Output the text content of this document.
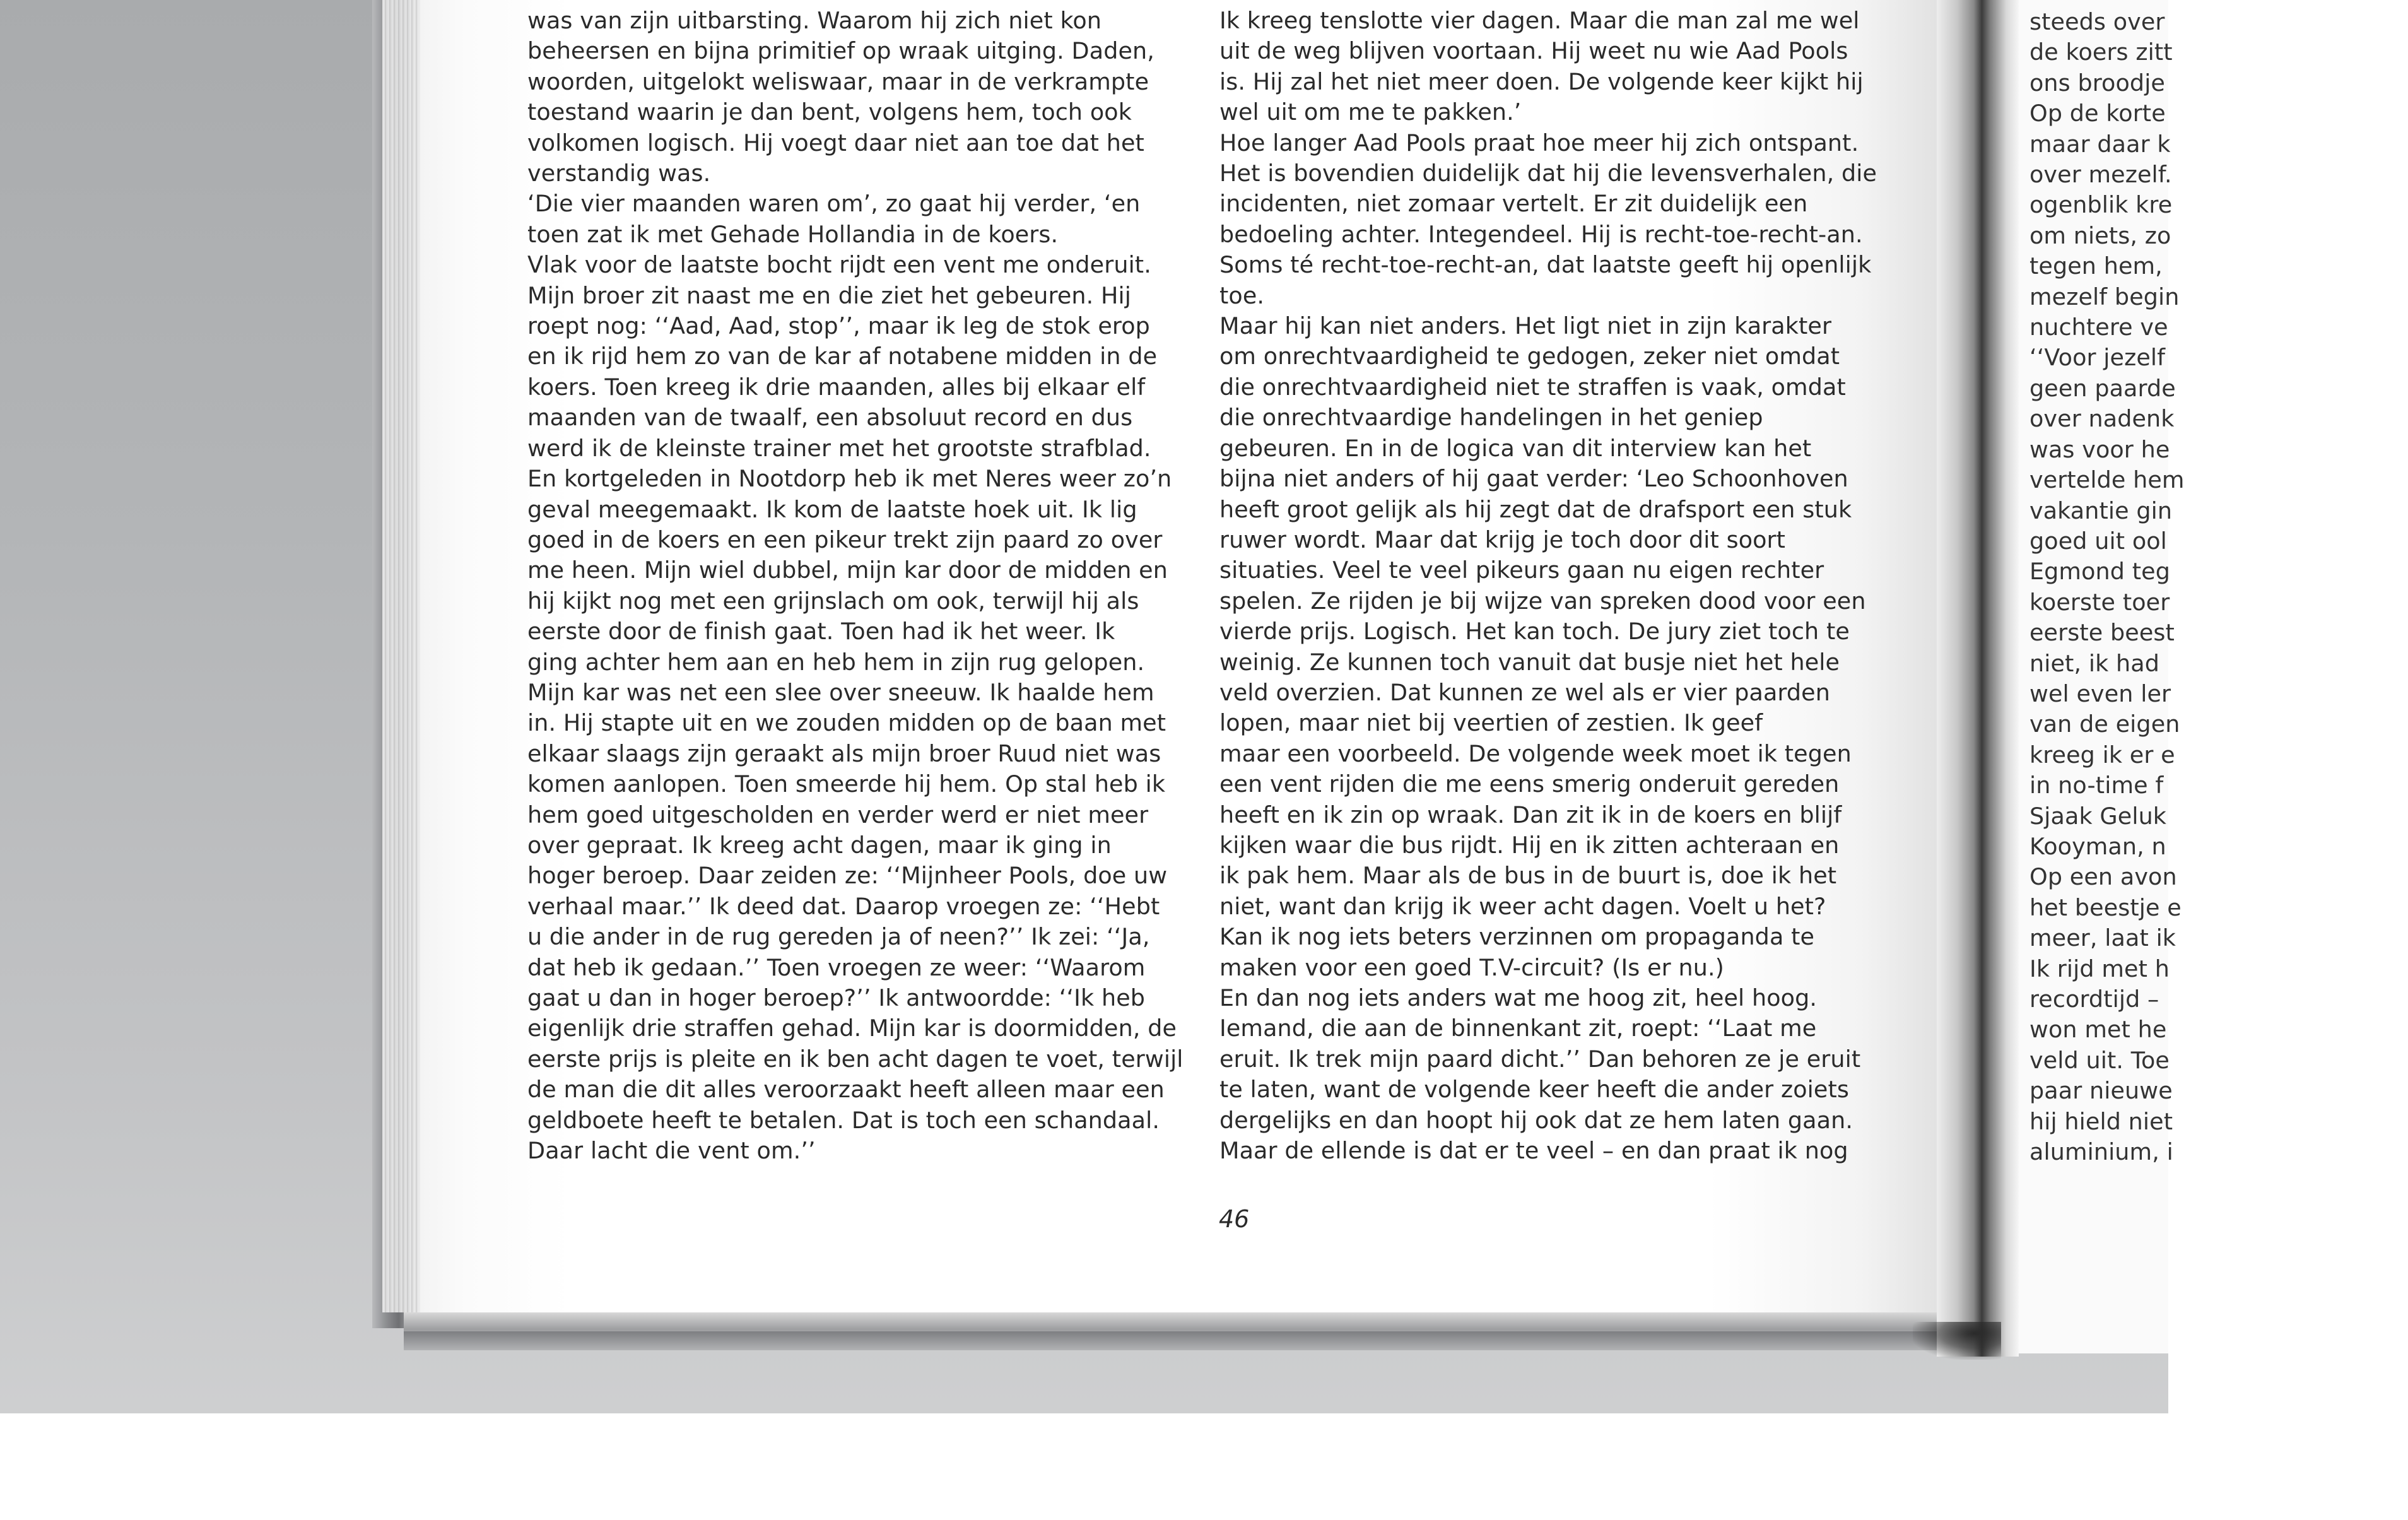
was van zijn uitbarsting. Waarom hij zich niet kon
beheersen en bijna primitief op wraak uitging. Daden,
woorden, uitgelokt weliswaar, maar in de verkrampte
toestand waarin je dan bent, volgens hem, toch ook
volkomen logisch. Hij voegt daar niet aan toe dat het
verstandig was.
‘Die vier maanden waren om’, zo gaat hij verder, ‘en
toen zat ik met Gehade Hollandia in de koers.
Vlak voor de laatste bocht rijdt een vent me onderuit.
Mijn broer zit naast me en die ziet het gebeuren. Hij
roept nog: ‘‘Aad, Aad, stop’’, maar ik leg de stok erop
en ik rijd hem zo van de kar af notabene midden in de
koers. Toen kreeg ik drie maanden, alles bij elkaar elf
maanden van de twaalf, een absoluut record en dus
werd ik de kleinste trainer met het grootste strafblad.
En kortgeleden in Nootdorp heb ik met Neres weer zo’n
geval meegemaakt. Ik kom de laatste hoek uit. Ik lig
goed in de koers en een pikeur trekt zijn paard zo over
me heen. Mijn wiel dubbel, mijn kar door de midden en
hij kijkt nog met een grijnslach om ook, terwijl hij als
eerste door de finish gaat. Toen had ik het weer. Ik
ging achter hem aan en heb hem in zijn rug gelopen.
Mijn kar was net een slee over sneeuw. Ik haalde hem
in. Hij stapte uit en we zouden midden op de baan met
elkaar slaags zijn geraakt als mijn broer Ruud niet was
komen aanlopen. Toen smeerde hij hem. Op stal heb ik
hem goed uitgescholden en verder werd er niet meer
over gepraat. Ik kreeg acht dagen, maar ik ging in
hoger beroep. Daar zeiden ze: ‘‘Mijnheer Pools, doe uw
verhaal maar.’’ Ik deed dat. Daarop vroegen ze: ‘‘Hebt
u die ander in de rug gereden ja of neen?’’ Ik zei: ‘‘Ja,
dat heb ik gedaan.’’ Toen vroegen ze weer: ‘‘Waarom
gaat u dan in hoger beroep?’’ Ik antwoordde: ‘‘Ik heb
eigenlijk drie straffen gehad. Mijn kar is doormidden, de
eerste prijs is pleite en ik ben acht dagen te voet, terwijl
de man die dit alles veroorzaakt heeft alleen maar een
geldboete heeft te betalen. Dat is toch een schandaal.
Daar lacht die vent om.’’
Ik kreeg tenslotte vier dagen. Maar die man zal me wel
uit de weg blijven voortaan. Hij weet nu wie Aad Pools
is. Hij zal het niet meer doen. De volgende keer kijkt hij
wel uit om me te pakken.’
Hoe langer Aad Pools praat hoe meer hij zich ontspant.
Het is bovendien duidelijk dat hij die levensverhalen, die
incidenten, niet zomaar vertelt. Er zit duidelijk een
bedoeling achter. Integendeel. Hij is recht-toe-recht-an.
Soms té recht-toe-recht-an, dat laatste geeft hij openlijk
toe.
Maar hij kan niet anders. Het ligt niet in zijn karakter
om onrechtvaardigheid te gedogen, zeker niet omdat
die onrechtvaardigheid niet te straffen is vaak, omdat
die onrechtvaardige handelingen in het geniep
gebeuren. En in de logica van dit interview kan het
bijna niet anders of hij gaat verder: ‘Leo Schoonhoven
heeft groot gelijk als hij zegt dat de drafsport een stuk
ruwer wordt. Maar dat krijg je toch door dit soort
situaties. Veel te veel pikeurs gaan nu eigen rechter
spelen. Ze rijden je bij wijze van spreken dood voor een
vierde prijs. Logisch. Het kan toch. De jury ziet toch te
weinig. Ze kunnen toch vanuit dat busje niet het hele
veld overzien. Dat kunnen ze wel als er vier paarden
lopen, maar niet bij veertien of zestien. Ik geef
maar een voorbeeld. De volgende week moet ik tegen
een vent rijden die me eens smerig onderuit gereden
heeft en ik zin op wraak. Dan zit ik in de koers en blijf
kijken waar die bus rijdt. Hij en ik zitten achteraan en
ik pak hem. Maar als de bus in de buurt is, doe ik het
niet, want dan krijg ik weer acht dagen. Voelt u het?
Kan ik nog iets beters verzinnen om propaganda te
maken voor een goed T.V-circuit? (Is er nu.)
En dan nog iets anders wat me hoog zit, heel hoog.
Iemand, die aan de binnenkant zit, roept: ‘‘Laat me
eruit. Ik trek mijn paard dicht.’’ Dan behoren ze je eruit
te laten, want de volgende keer heeft die ander zoiets
dergelijks en dan hoopt hij ook dat ze hem laten gaan.
Maar de ellende is dat er te veel – en dan praat ik nog
46
steeds over
de koers zitt
ons broodje
Op de korte
maar daar k
over mezelf.
ogenblik kre
om niets, zo
tegen hem,
mezelf begin
nuchtere ve
‘‘Voor jezelf
geen paarde
over nadenk
was voor he
vertelde hem
vakantie gin
goed uit ool
Egmond teg
koerste toer
eerste beest
niet, ik had
wel even ler
van de eigen
kreeg ik er e
in no-time f
Sjaak Geluk
Kooyman, n
Op een avon
het beestje e
meer, laat ik
Ik rijd met h
recordtijd –
won met he
veld uit. Toe
paar nieuwe
hij hield niet
aluminium, i
